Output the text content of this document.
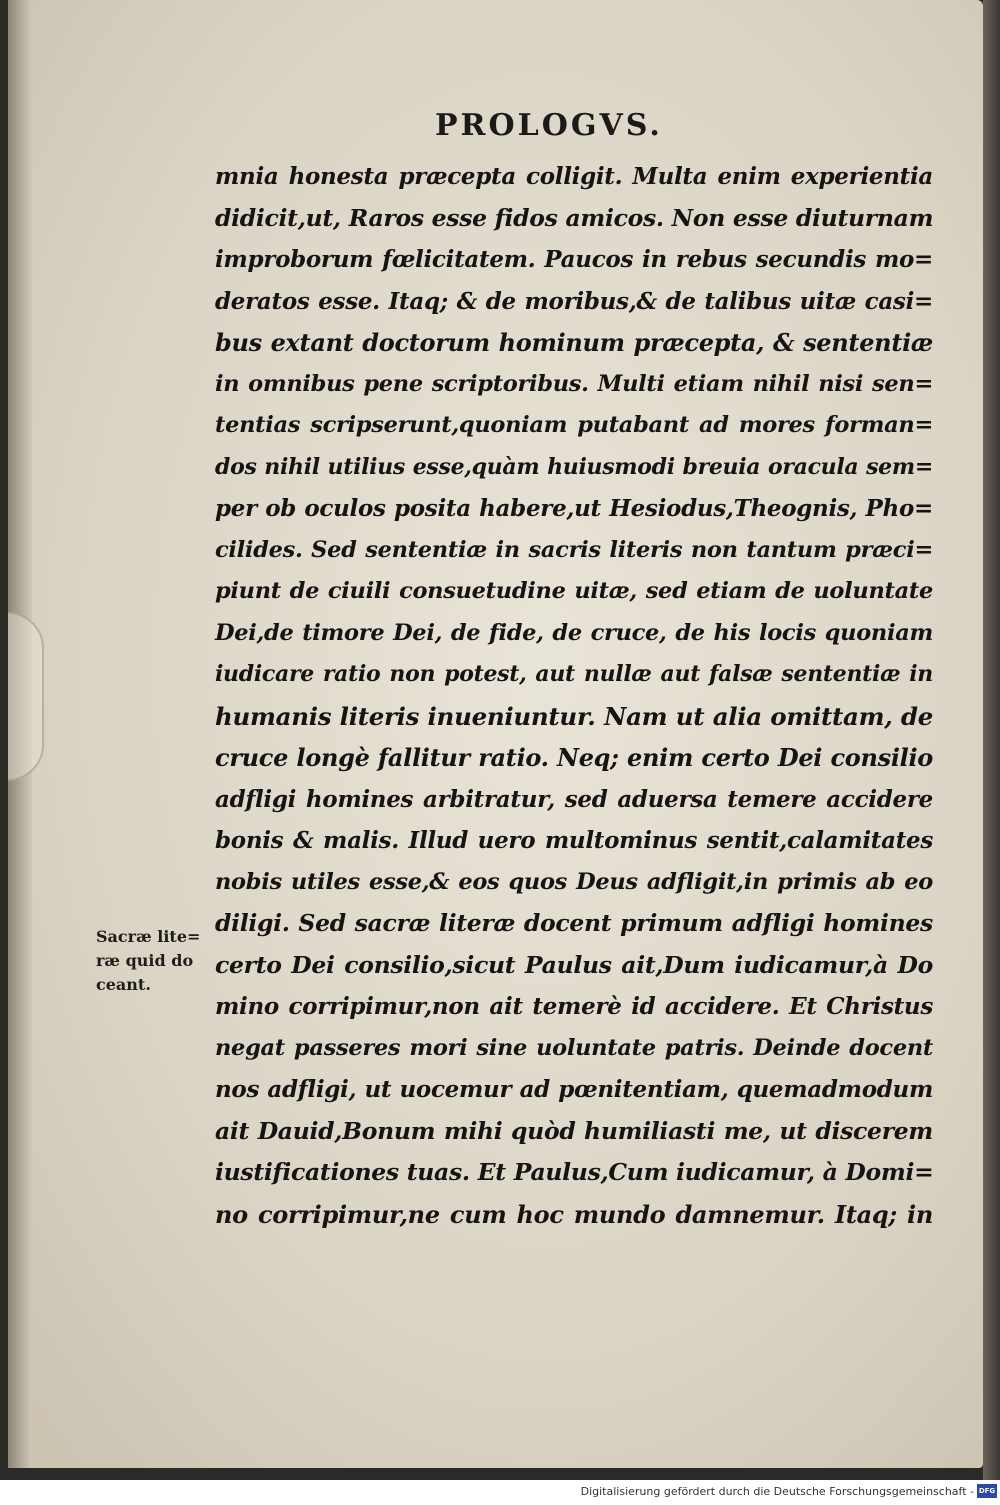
PROLOGVS.
mnia honesta præcepta colligit. Multa enim experientia
didicit,ut, Raros esse fidos amicos. Non esse diuturnam
improborum fœlicitatem. Paucos in rebus secundis mo=
deratos esse. Itaq; & de moribus,& de talibus uitæ casi=
bus extant doctorum hominum præcepta, & sententiæ
in omnibus pene scriptoribus. Multi etiam nihil nisi sen=
tentias scripserunt,quoniam putabant ad mores forman=
dos nihil utilius esse,quàm huiusmodi breuia oracula sem=
per ob oculos posita habere,ut Hesiodus,Theognis, Pho=
cilides. Sed sententiæ in sacris literis non tantum præci=
piunt de ciuili consuetudine uitæ, sed etiam de uoluntate
Dei,de timore Dei, de fide, de cruce, de his locis quoniam
iudicare ratio non potest, aut nullæ aut falsæ sententiæ in
humanis literis inueniuntur. Nam ut alia omittam, de
cruce longè fallitur ratio. Neq; enim certo Dei consilio
adfligi homines arbitratur, sed aduersa temere accidere
bonis & malis. Illud uero multominus sentit,calamitates
nobis utiles esse,& eos quos Deus adfligit,in primis ab eo
diligi. Sed sacræ literæ docent primum adfligi homines
certo Dei consilio,sicut Paulus ait,Dum iudicamur,à Do
mino corripimur,non ait temerè id accidere. Et Christus
negat passeres mori sine uoluntate patris. Deinde docent
nos adfligi, ut uocemur ad pœnitentiam, quemadmodum
ait Dauid,Bonum mihi quòd humiliasti me, ut discerem
iustificationes tuas. Et Paulus,Cum iudicamur, à Domi=
no corripimur,ne cum hoc mundo damnemur. Itaq; in
Sacræ lite=
ræ quid do
ceant.
Digitalisierung gefördert durch die Deutsche Forschungsgemeinschaft - DFG
